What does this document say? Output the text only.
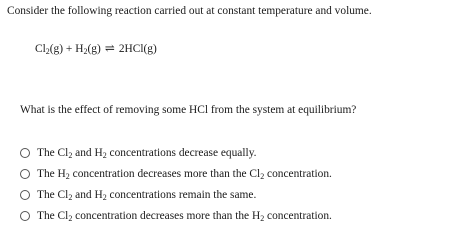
Consider the following reaction carried out at constant temperature and volume.
$Cl_2(g) + H_2(g)$ ⇌ 2HCl(g)
What is the effect of removing some HCl from the system at equilibrium?
The $Cl_2$ and $H_2$ concentrations decrease equally.
The $H_2$ concentration decreases more than the $Cl_2$ concentration.
The $Cl_2$ and $H_2$ concentrations remain the same.
The $Cl_2$ concentration decreases more than the $H_2$ concentration.
